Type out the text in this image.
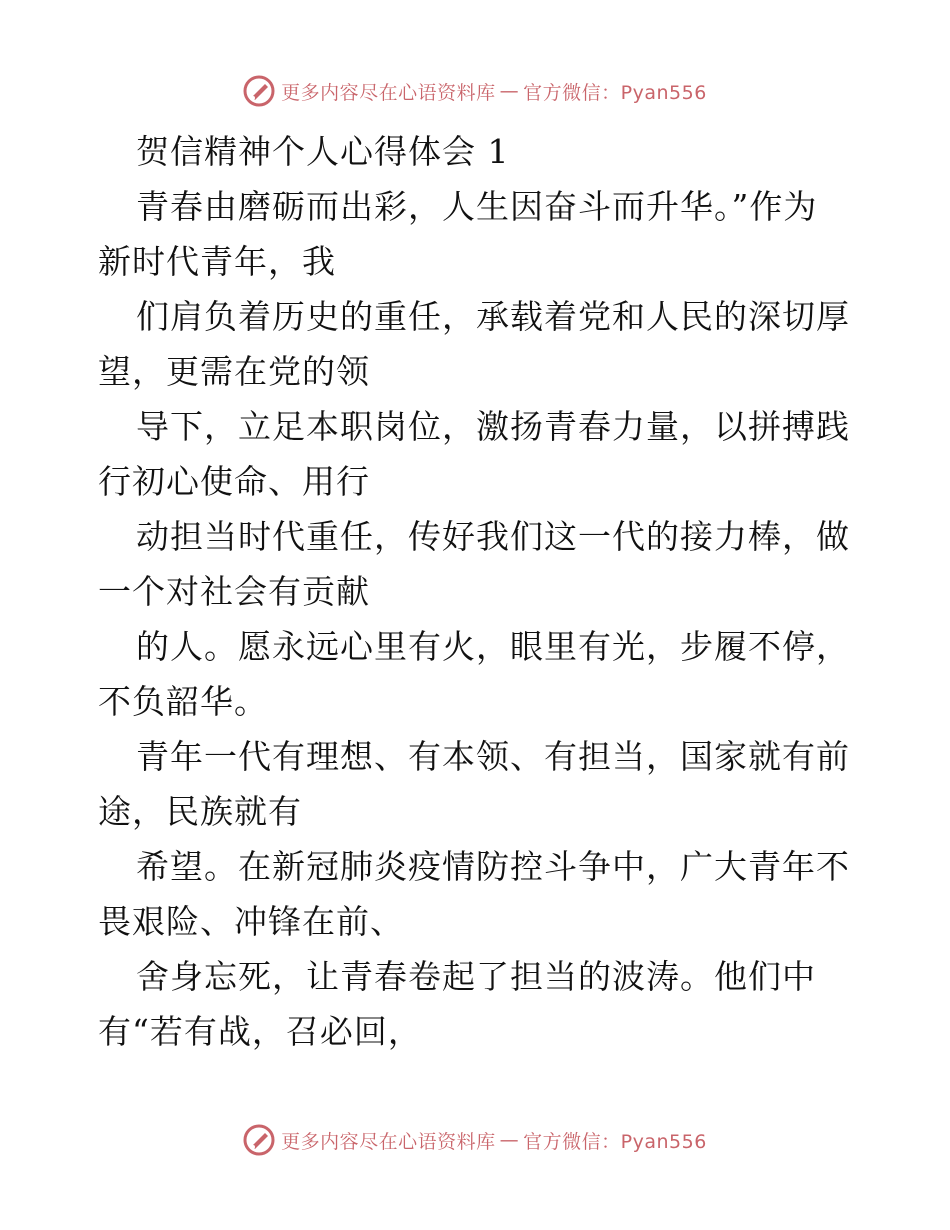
更多内容尽在心语资料库 — 官方微信：Pyan556
贺信精神个人心得体会 1
青春由磨砺而出彩，人生因奋斗而升华。”作为
新时代青年，我
们肩负着历史的重任，承载着党和人民的深切厚
望，更需在党的领
导下，立足本职岗位，激扬青春力量，以拼搏践
行初心使命、用行
动担当时代重任，传好我们这一代的接力棒，做
一个对社会有贡献
的人。愿永远心里有火，眼里有光，步履不停，
不负韶华。
青年一代有理想、有本领、有担当，国家就有前
途，民族就有
希望。在新冠肺炎疫情防控斗争中，广大青年不
畏艰险、冲锋在前、
舍身忘死，让青春卷起了担当的波涛。他们中
有“若有战，召必回，
更多内容尽在心语资料库 — 官方微信：Pyan556
